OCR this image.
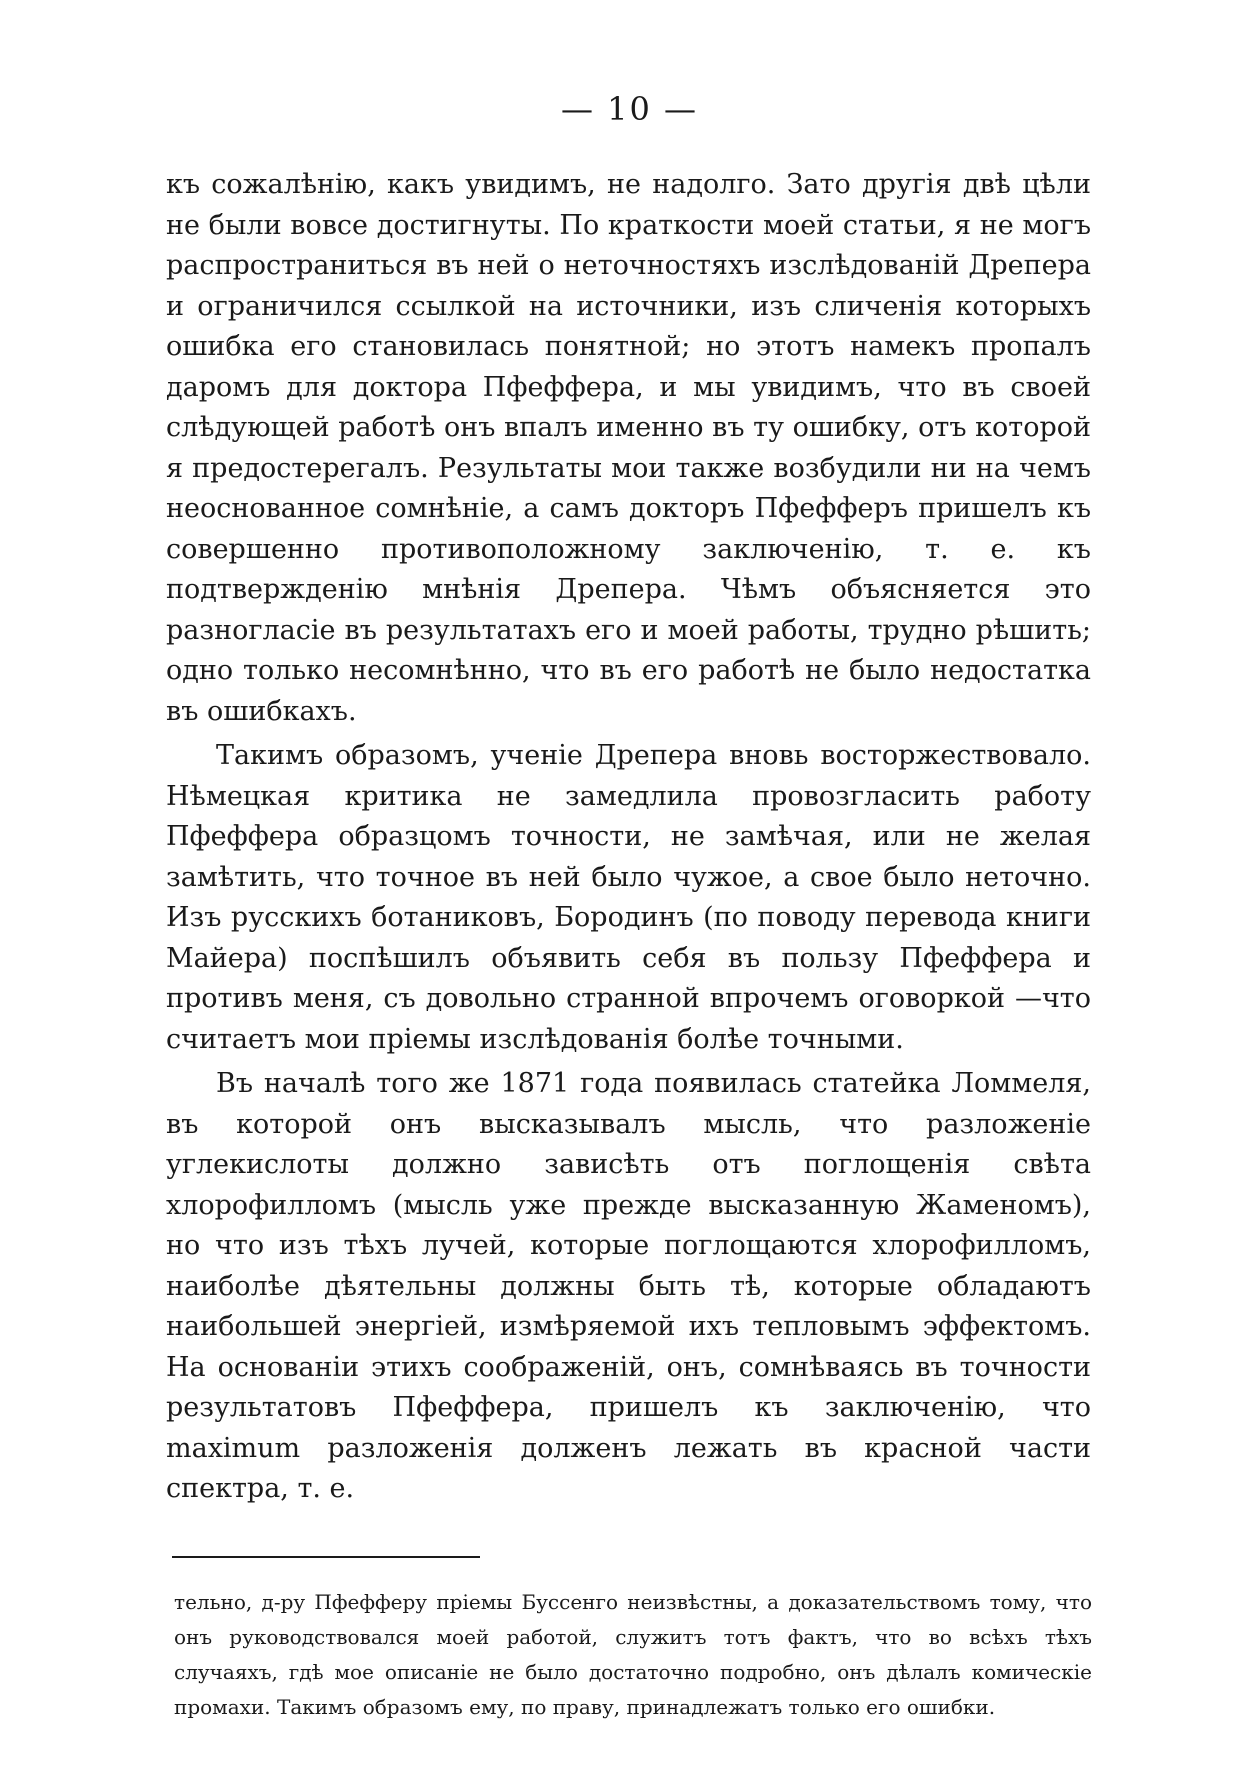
— 10 —

къ сожалѣнію, какъ увидимъ, не надолго. Зато другія двѣ цѣли не были вовсе достигнуты. По краткости моей статьи, я не могъ распространиться въ ней о неточностяхъ изслѣдованій Дрепера и ограничился ссылкой на источники, изъ сличенія которыхъ ошибка его становилась понятной; но этотъ намекъ пропалъ даромъ для доктора Пфеффера, и мы увидимъ, что въ своей слѣдующей работѣ онъ впалъ именно въ ту ошибку, отъ которой я предостерегалъ. Результаты мои также возбудили ни на чемъ неоснованное сомнѣніе, а самъ докторъ Пфефферъ пришелъ къ совершенно противоположному заключенію, т. е. къ подтвержденію мнѣнія Дрепера. Чѣмъ объясняется это разногласіе въ результатахъ его и моей работы, трудно рѣшить; одно только несомнѣнно, что въ его работѣ не было недостатка въ ошибкахъ.

Такимъ образомъ, ученіе Дрепера вновь восторжествовало. Нѣмецкая критика не замедлила провозгласить работу Пфеффера образцомъ точности, не замѣчая, или не желая замѣтить, что точное въ ней было чужое, а свое было неточно. Изъ русскихъ ботаниковъ, Бородинъ (по поводу перевода книги Майера) поспѣшилъ объявить себя въ пользу Пфеффера и противъ меня, съ довольно странной впрочемъ оговоркой —что считаетъ мои пріемы изслѣдованія болѣе точными.

Въ началѣ того же 1871 года появилась статейка Ломмеля, въ которой онъ высказывалъ мысль, что разложеніе углекислоты должно зависѣть отъ поглощенія свѣта хлорофилломъ (мысль уже прежде высказанную Жаменомъ), но что изъ тѣхъ лучей, которые поглощаются хлорофилломъ, наиболѣе дѣятельны должны быть тѣ, которые обладаютъ наибольшей энергіей, измѣряемой ихъ тепловымъ эффектомъ. На основаніи этихъ соображеній, онъ, сомнѣваясь въ точности результатовъ Пфеффера, пришелъ къ заключенію, что maximum разложенія долженъ лежать въ красной части спектра, т. е.

тельно, д-ру Пфефферу пріемы Буссенго неизвѣстны, а доказательствомъ тому, что онъ руководствовался моей работой, служитъ тотъ фактъ, что во всѣхъ тѣхъ случаяхъ, гдѣ мое описаніе не было достаточно подробно, онъ дѣлалъ комическіе промахи. Такимъ образомъ ему, по праву, принадлежатъ только его ошибки.
